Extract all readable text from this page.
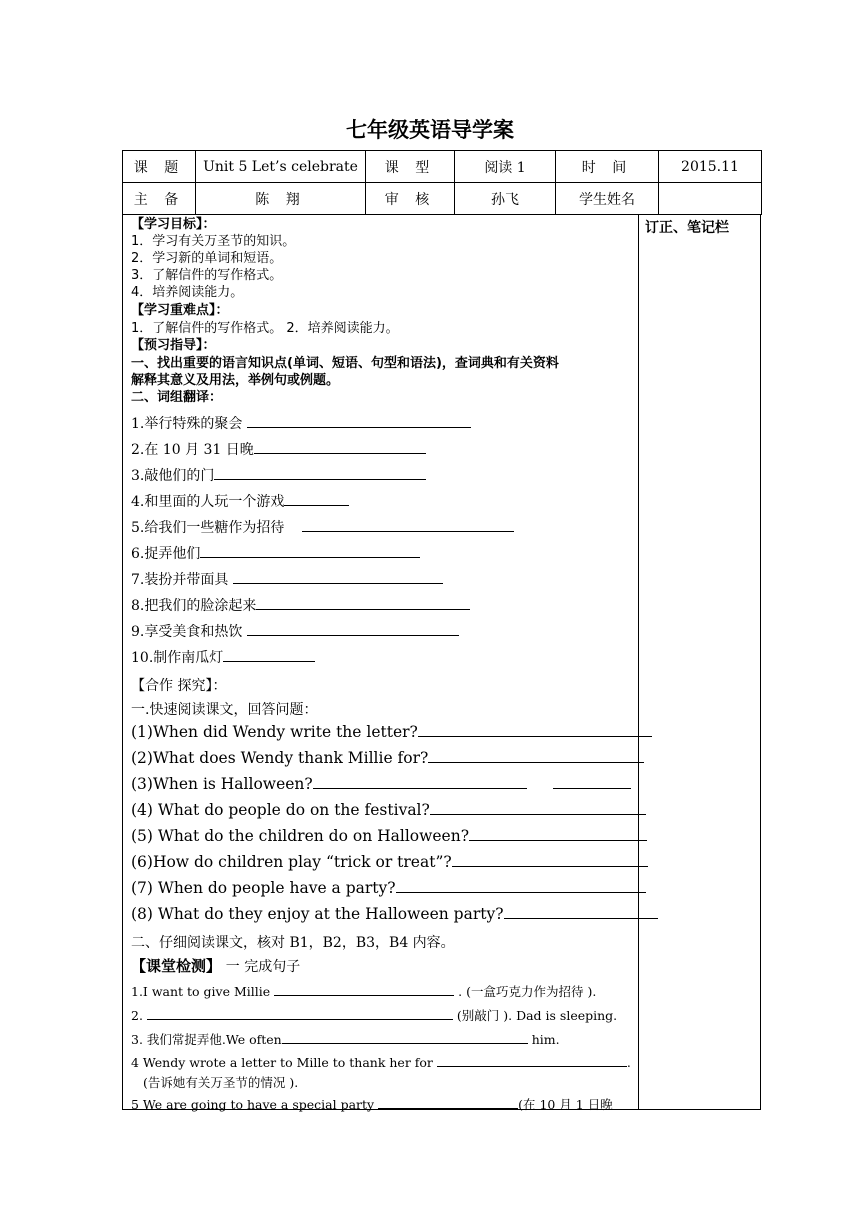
七年级英语导学案
课 题	Unit 5 Let’s celebrate	课 型	阅读 1	时 间	2015.11
主 备	陈 翔	审 核	孙飞	学生姓名	
订正、笔记栏
【学习目标】：
1．学习有关万圣节的知识。
2．学习新的单词和短语。
3．了解信件的写作格式。
4．培养阅读能力。
【学习重难点】：
1．了解信件的写作格式。 2．培养阅读能力。
【预习指导】：
一、找出重要的语言知识点(单词、短语、句型和语法)，查词典和有关资料
解释其意义及用法，举例句或例题。
二、词组翻译：
1.举行特殊的聚会
2.在 10 月 31 日晚
3.敲他们的门
4.和里面的人玩一个游戏
5.给我们一些糖作为招待
6.捉弄他们
7.装扮并带面具
8.把我们的脸涂起来
9.享受美食和热饮
10.制作南瓜灯
【合作 探究】：
一.快速阅读课文，回答问题：
(1)When did Wendy write the letter?
(2)What does Wendy thank Millie for?
(3)When is Halloween?
(4) What do people do on the festival?
(5) What do the children do on Halloween?
(6)How do children play “trick or treat”?
(7) When do people have a party?
(8) What do they enjoy at the Halloween party?
二、仔细阅读课文，核对 B1，B2，B3，B4 内容。
【课堂检测】 一 完成句子
1.I want to give Millie	. (一盒巧克力作为招待 ).
2.	(别敲门 ). Dad is sleeping.
3. 我们常捉弄他.We often	him.
4 Wendy wrote a letter to Mille to thank her for	.
(告诉她有关万圣节的情况 ).
5 We are going to have a special party	(在 10 月 1 日晚
